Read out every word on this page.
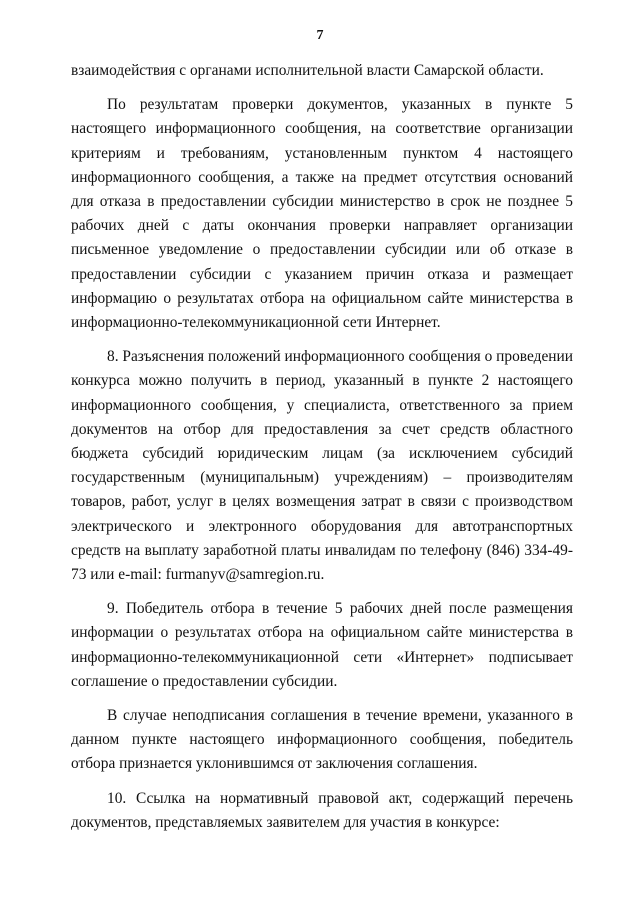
7

взаимодействия с органами исполнительной власти Самарской области.

По результатам проверки документов, указанных в пункте 5 настоящего информационного сообщения, на соответствие организации критериям и требованиям, установленным пунктом 4 настоящего информационного сообщения, а также на предмет отсутствия оснований для отказа в предоставлении субсидии министерство в срок не позднее 5 рабочих дней с даты окончания проверки направляет организации письменное уведомление о предоставлении субсидии или об отказе в предоставлении субсидии с указанием причин отказа и размещает информацию о результатах отбора на официальном сайте министерства в информационно-телекоммуникационной сети Интернет.

8. Разъяснения положений информационного сообщения о проведении конкурса можно получить в период, указанный в пункте 2 настоящего информационного сообщения, у специалиста, ответственного за прием документов на отбор для предоставления за счет средств областного бюджета субсидий юридическим лицам (за исключением субсидий государственным (муниципальным) учреждениям) – производителям товаров, работ, услуг в целях возмещения затрат в связи с производством электрического и электронного оборудования для автотранспортных средств на выплату заработной платы инвалидам по телефону (846) 334-49-73 или e-mail: furmanyv@samregion.ru.

9. Победитель отбора в течение 5 рабочих дней после размещения информации о результатах отбора на официальном сайте министерства в информационно-телекоммуникационной сети «Интернет» подписывает соглашение о предоставлении субсидии.

В случае неподписания соглашения в течение времени, указанного в данном пункте настоящего информационного сообщения, победитель отбора признается уклонившимся от заключения соглашения.

10. Ссылка на нормативный правовой акт, содержащий перечень документов, представляемых заявителем для участия в конкурсе:
